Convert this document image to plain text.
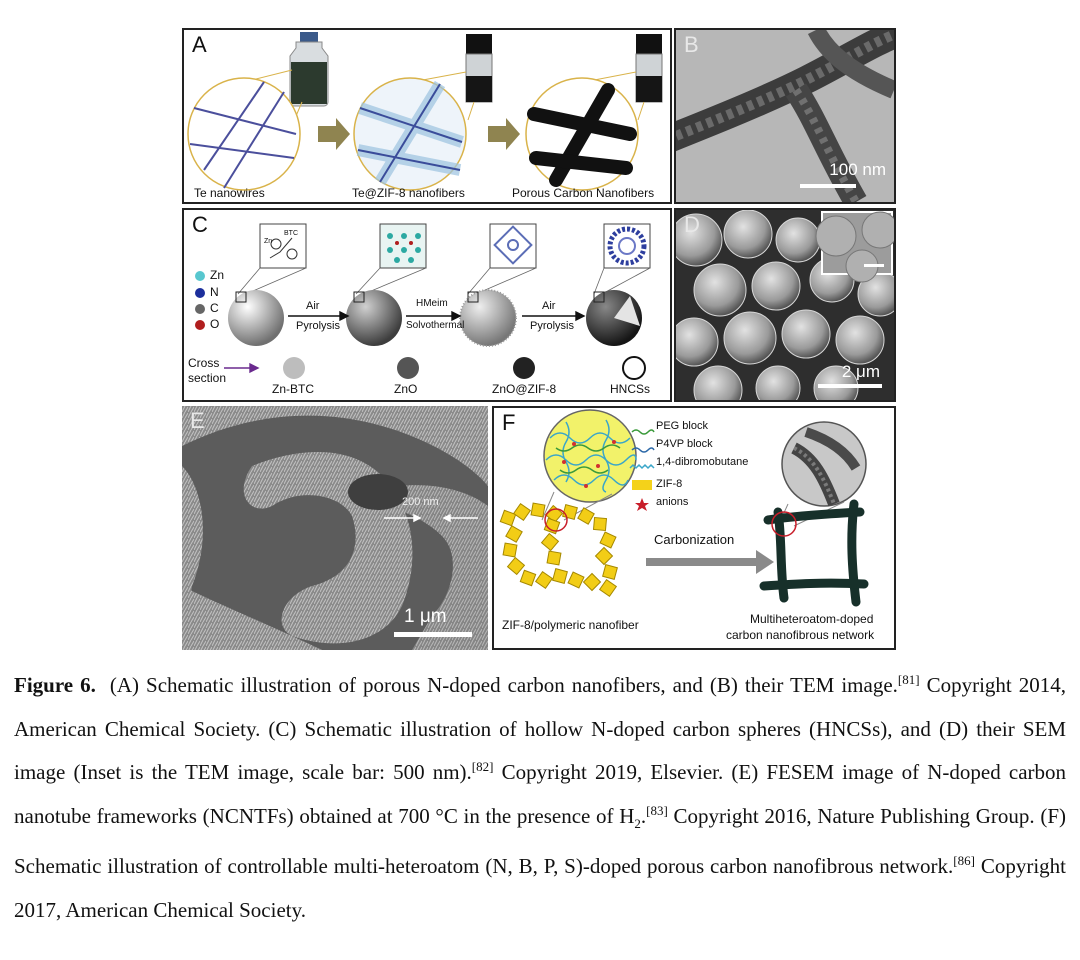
A
Te nanowires	Te@ZIF-8 nanofibers	Porous Carbon Nanofibers
B
100 nm
C
Zn
N
C
O
Zn
BTC
Air
Pyrolysis
HMeim
Solvothermal
Air
Pyrolysis
Cross section
Zn-BTC	ZnO	ZnO@ZIF-8	HNCSs
D
2 μm
E
200 nm
1 μm
F	PEG block
P4VP block
1,4-dibromobutane
ZIF-8
anions
Carbonization
ZIF-8/polymeric nanofiber	Multiheteroatom-doped
carbon nanofibrous network
Figure 6. (A) Schematic illustration of porous N-doped carbon nanofibers, and (B) their TEM image.[81] Copyright 2014, American Chemical Society. (C) Schematic illustration of hollow N-doped carbon spheres (HNCSs), and (D) their SEM image (Inset is the TEM image, scale bar: 500 nm).[82] Copyright 2019, Elsevier. (E) FESEM image of N-doped carbon nanotube frameworks (NCNTFs) obtained at 700 °C in the presence of $H_2.[83]$ Copyright 2016, Nature Publishing Group. (F) Schematic illustration of controllable multi-heteroatom (N, B, P, S)-doped porous carbon nanofibrous network.[86] Copyright 2017, American Chemical Society.
